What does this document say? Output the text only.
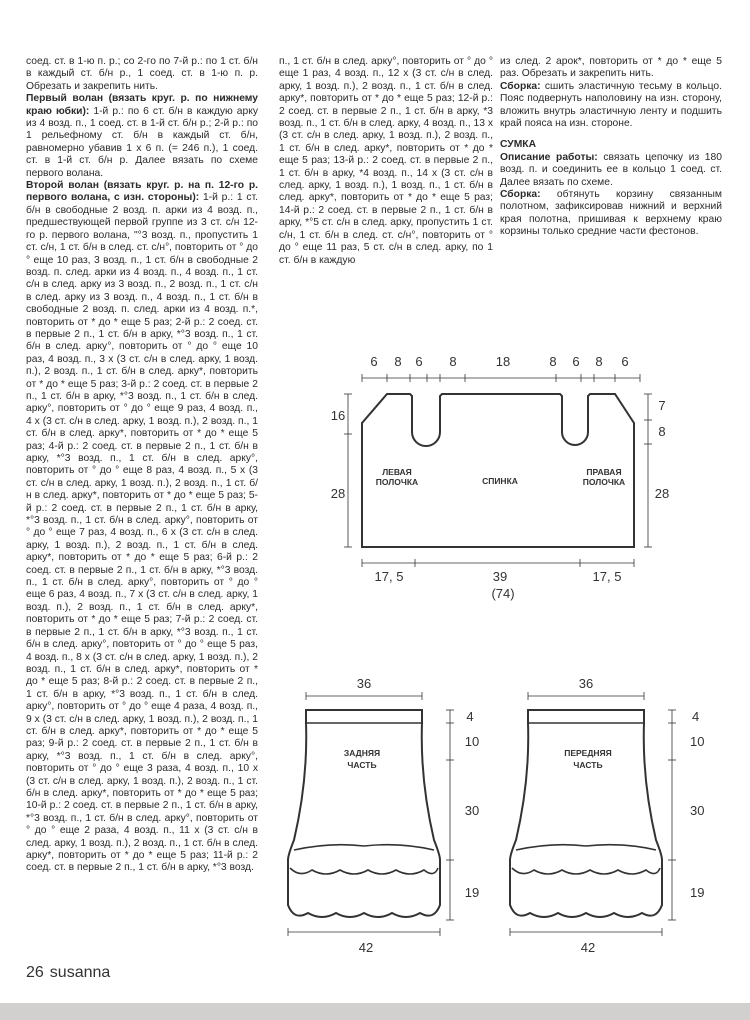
соед. ст. в 1-ю п. р.; со 2-го по 7-й р.: по 1 ст. б/н в каждый ст. б/н р., 1 соед. ст. в 1-ю п. р. Обрезать и закрепить нить.

Первый волан (вязать круг. р. по нижнему краю юбки): 1-й р.: по 6 ст. б/н в каждую арку из 4 возд. п., 1 соед. ст. в 1-й ст. б/н р.; 2-й р.: по 1 рельефному ст. б/н в каждый ст. б/н, равномерно убавив 1 x 6 п. (= 246 п.), 1 соед. ст. в 1-й ст. б/н р. Далее вязать по схеме первого волана.

Второй волан (вязать круг. р. на п. 12-го р. первого волана, с изн. стороны): 1-й р.: 1 ст. б/н в свободные 2 возд. п. арки из 4 возд. п., предшествующей первой группе из 3 ст. с/н 12-го р. первого волана, "°3 возд. п., пропустить 1 ст. с/н, 1 ст. б/н в след. ст. с/н°, повторить от ° до ° еще 10 раз, 3 возд. п., 1 ст. б/н в свободные 2 возд. п. след. арки из 4 возд. п., 4 возд. п., 1 ст. с/н в след. арку из 3 возд. п., 2 возд. п., 1 ст. с/н в след. арку из 3 возд. п., 4 возд. п., 1 ст. б/н в свободные 2 возд. п. след. арки из 4 возд. п.*, повторить от * до * еще 5 раз; 2-й р.: 2 соед. ст. в первые 2 п., 1 ст. б/н в арку, *°3 возд. п., 1 ст. б/н в след. арку°, повторить от ° до ° еще 10 раз, 4 возд. п., 3 x (3 ст. с/н в след. арку, 1 возд. п.), 2 возд. п., 1 ст. б/н в след. арку*, повторить от * до * еще 5 раз; 3-й р.: 2 соед. ст. в первые 2 п., 1 ст. б/н в арку, *°3 возд. п., 1 ст. б/н в след. арку°, повторить от ° до ° еще 9 раз, 4 возд. п., 4 x (3 ст. с/н в след. арку, 1 возд. п.), 2 возд. п., 1 ст. б/н в след. арку*, повторить от * до * еще 5 раз; 4-й р.: 2 соед. ст. в первые 2 п., 1 ст. б/н в арку, *°3 возд. п., 1 ст. б/н в след. арку°, повторить от ° до ° еще 8 раз, 4 возд. п., 5 x (3 ст. с/н в след. арку, 1 возд. п.), 2 возд. п., 1 ст. б/н в след. арку*, повторить от * до * еще 5 раз; 5-й р.: 2 соед. ст. в первые 2 п., 1 ст. б/н в арку, *°3 возд. п., 1 ст. б/н в след. арку°, повторить от ° до ° еще 7 раз, 4 возд. п., 6 x (3 ст. с/н в след. арку, 1 возд. п.), 2 возд. п., 1 ст. б/н в след. арку*, повторить от * до * еще 5 раз; 6-й р.: 2 соед. ст. в первые 2 п., 1 ст. б/н в арку, *°3 возд. п., 1 ст. б/н в след. арку°, повторить от ° до ° еще 6 раз, 4 возд. п., 7 x (3 ст. с/н в след. арку, 1 возд. п.), 2 возд. п., 1 ст. б/н в след. арку*, повторить от * до * еще 5 раз; 7-й р.: 2 соед. ст. в первые 2 п., 1 ст. б/н в арку, *°3 возд. п., 1 ст. б/н в след. арку°, повторить от ° до ° еще 5 раз, 4 возд. п., 8 x (3 ст. с/н в след. арку, 1 возд. п.), 2 возд. п., 1 ст. б/н в след. арку*, повторить от * до * еще 5 раз; 8-й р.: 2 соед. ст. в первые 2 п., 1 ст. б/н в арку, *°3 возд. п., 1 ст. б/н в след. арку°, повторить от ° до ° еще 4 раза, 4 возд. п., 9 x (3 ст. с/н в след. арку, 1 возд. п.), 2 возд. п., 1 ст. б/н в след. арку*, повторить от * до * еще 5 раз; 9-й р.: 2 соед. ст. в первые 2 п., 1 ст. б/н в арку, *°3 возд. п., 1 ст. б/н в след. арку°, повторить от ° до ° еще 3 раза, 4 возд. п., 10 x (3 ст. с/н в след. арку, 1 возд. п.), 2 возд. п., 1 ст. б/н в след. арку*, повторить от * до * еще 5 раз; 10-й р.: 2 соед. ст. в первые 2 п., 1 ст. б/н в арку, *°3 возд. п., 1 ст. б/н в след. арку°, повторить от ° до ° еще 2 раза, 4 возд. п., 11 x (3 ст. с/н в след. арку, 1 возд. п.), 2 возд. п., 1 ст. б/н в след. арку*, повторить от * до * еще 5 раз; 11-й р.: 2 соед. ст. в первые 2 п., 1 ст. б/н в арку, *°3 возд.

п., 1 ст. б/н в след. арку°, повторить от ° до ° еще 1 раз, 4 возд. п., 12 x (3 ст. с/н в след. арку, 1 возд. п.), 2 возд. п., 1 ст. б/н в след. арку*, повторить от * до * еще 5 раз; 12-й р.: 2 соед. ст. в первые 2 п., 1 ст. б/н в арку, *3 возд. п., 1 ст. б/н в след. арку, 4 возд. п., 13 x (3 ст. с/н в след. арку, 1 возд. п.), 2 возд. п., 1 ст. б/н в след. арку*, повторить от * до * еще 5 раз; 13-й р.: 2 соед. ст. в первые 2 п., 1 ст. б/н в арку, *4 возд. п., 14 x (3 ст. с/н в след. арку, 1 возд. п.), 1 возд. п., 1 ст. б/н в след. арку*, повторить от * до * еще 5 раз; 14-й р.: 2 соед. ст. в первые 2 п., 1 ст. б/н в арку, *°5 ст. с/н в след. арку, пропустить 1 ст. с/н, 1 ст. б/н в след. ст. с/н°, повторить от ° до ° еще 11 раз, 5 ст. с/н в след. арку, по 1 ст. б/н в каждую

из след. 2 арок*, повторить от * до * еще 5 раз. Обрезать и закрепить нить.

Сборка: сшить эластичную тесьму в кольцо. Пояс подвернуть наполовину на изн. сторону, вложить внутрь эластичную ленту и подшить край пояса на изн. стороне.

СУМКА

Описание работы: связать цепочку из 180 возд. п. и соединить ее в кольцо 1 соед. ст. Далее вязать по схеме.

Сборка: обтянуть корзину связанным полотном, зафиксировав нижний и верхний края полотна, пришивая к верхнему краю корзины только средние части фестонов.

6 8 6 8	18	8 6 8 6
16
28
7
8
28
17, 5	39	17, 5
(74)
ЛЕВАЯ
ПОЛОЧКА	СПИНКА
ПРАВАЯ
ПОЛОЧКА
36
4
10
30
19
42
ЗАДНЯЯ
ЧАСТЬ
36
4
10
30
19
42
ПЕРЕДНЯЯ
ЧАСТЬ
26 susanna
